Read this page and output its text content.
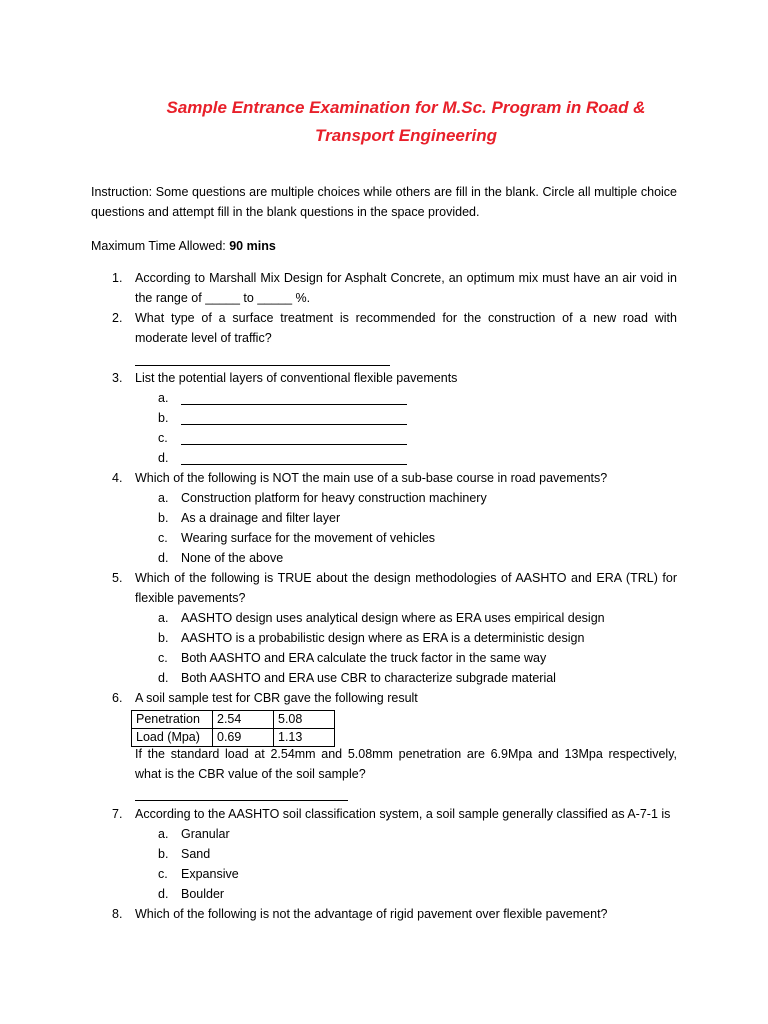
Sample Entrance Examination for M.Sc. Program in Road &
Transport Engineering
Instruction: Some questions are multiple choices while others are fill in the blank. Circle all multiple choice questions and attempt fill in the blank questions in the space provided.
Maximum Time Allowed: 90 mins
1. According to Marshall Mix Design for Asphalt Concrete, an optimum mix must have an air void in the range of _____ to _____ %.
2. What type of a surface treatment is recommended for the construction of a new road with moderate level of traffic?
3. List the potential layers of conventional flexible pavements
a.
b.
c.
d.
4. Which of the following is NOT the main use of a sub-base course in road pavements?
a. Construction platform for heavy construction machinery
b. As a drainage and filter layer
c. Wearing surface for the movement of vehicles
d. None of the above
5. Which of the following is TRUE about the design methodologies of AASHTO and ERA (TRL) for flexible pavements?
a. AASHTO design uses analytical design where as ERA uses empirical design
b. AASHTO is a probabilistic design where as ERA is a deterministic design
c. Both AASHTO and ERA calculate the truck factor in the same way
d. Both AASHTO and ERA use CBR to characterize subgrade material
6. A soil sample test for CBR gave the following result
Penetration	2.54	5.08
Load (Mpa)	0.69	1.13
If the standard load at 2.54mm and 5.08mm penetration are 6.9Mpa and 13Mpa respectively, what is the CBR value of the soil sample?
7. According to the AASHTO soil classification system, a soil sample generally classified as A-7-1 is
a. Granular
b. Sand
c. Expansive
d. Boulder
8. Which of the following is not the advantage of rigid pavement over flexible pavement?
